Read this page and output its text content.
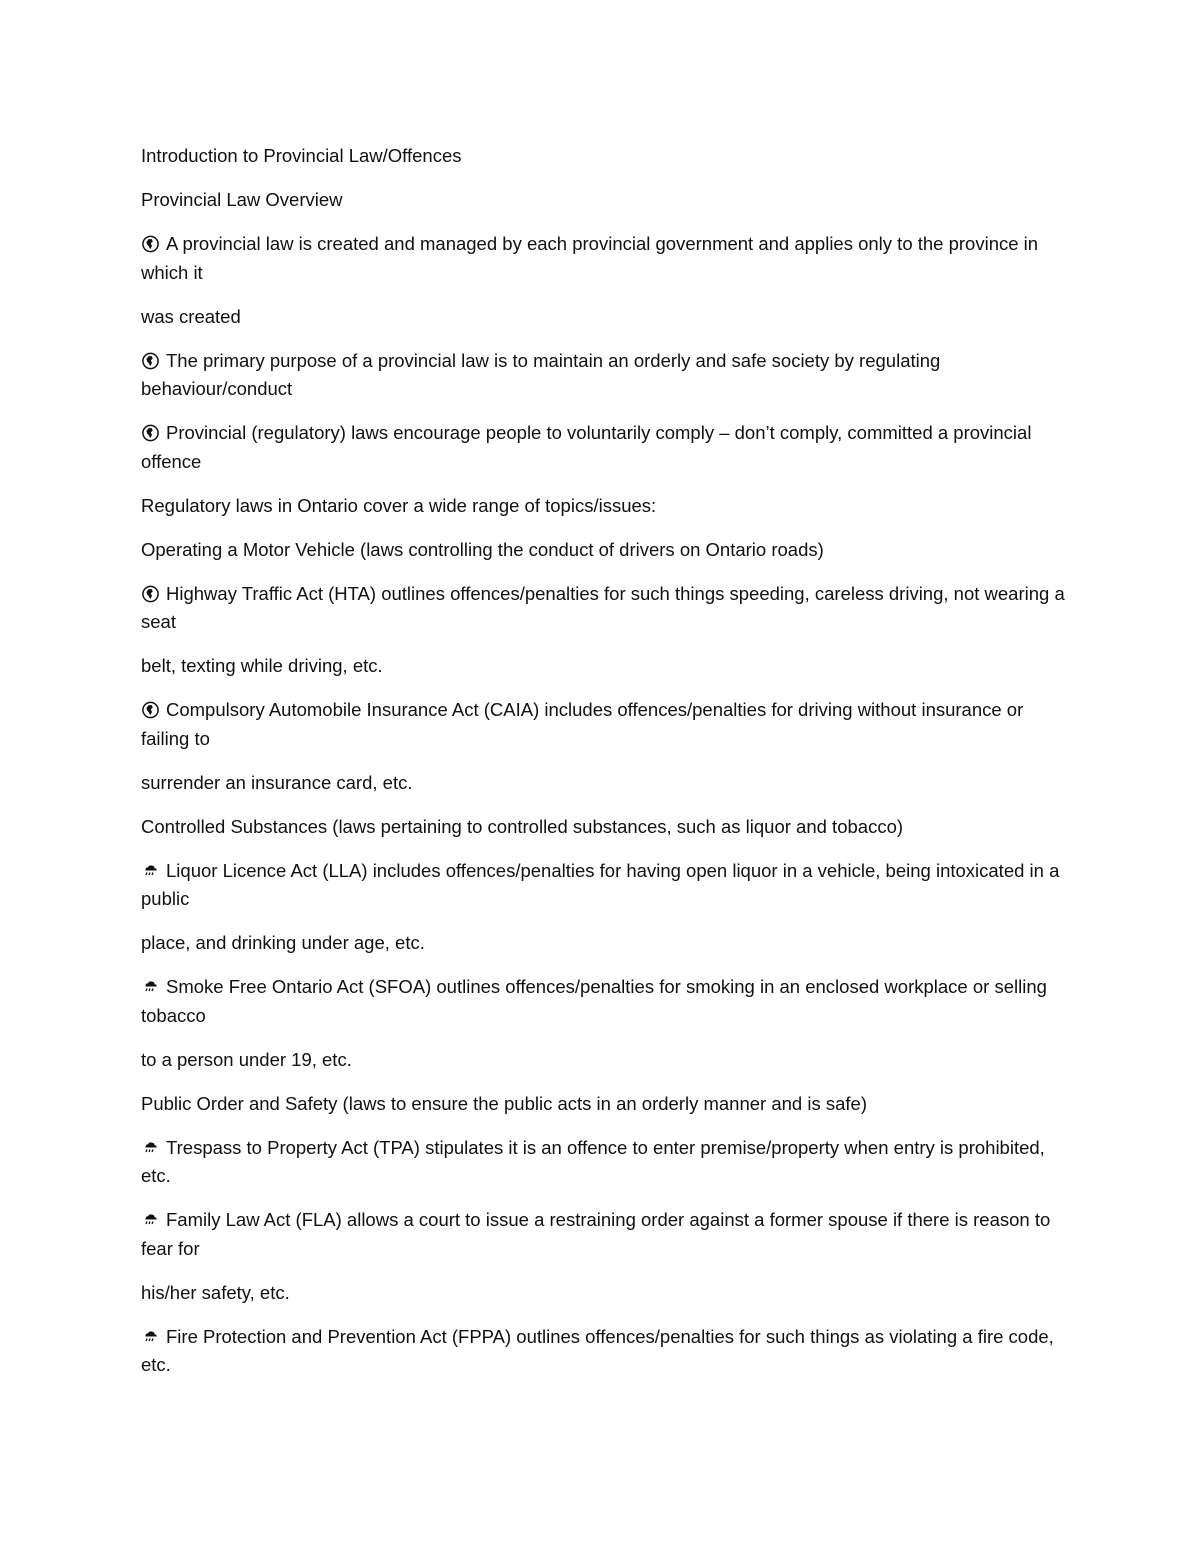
Introduction to Provincial Law/Offences

Provincial Law Overview

A provincial law is created and managed by each provincial government and applies only to the province in which it

was created

The primary purpose of a provincial law is to maintain an orderly and safe society by regulating behaviour/conduct

Provincial (regulatory) laws encourage people to voluntarily comply – don’t comply, committed a provincial offence

Regulatory laws in Ontario cover a wide range of topics/issues:

Operating a Motor Vehicle (laws controlling the conduct of drivers on Ontario roads)

Highway Traffic Act (HTA) outlines offences/penalties for such things speeding, careless driving, not wearing a seat

belt, texting while driving, etc.

Compulsory Automobile Insurance Act (CAIA) includes offences/penalties for driving without insurance or failing to

surrender an insurance card, etc.

Controlled Substances (laws pertaining to controlled substances, such as liquor and tobacco)

Liquor Licence Act (LLA) includes offences/penalties for having open liquor in a vehicle, being intoxicated in a public

place, and drinking under age, etc.

Smoke Free Ontario Act (SFOA) outlines offences/penalties for smoking in an enclosed workplace or selling tobacco

to a person under 19, etc.

Public Order and Safety (laws to ensure the public acts in an orderly manner and is safe)

Trespass to Property Act (TPA) stipulates it is an offence to enter premise/property when entry is prohibited, etc.

Family Law Act (FLA) allows a court to issue a restraining order against a former spouse if there is reason to fear for

his/her safety, etc.

Fire Protection and Prevention Act (FPPA) outlines offences/penalties for such things as violating a fire code, etc.
